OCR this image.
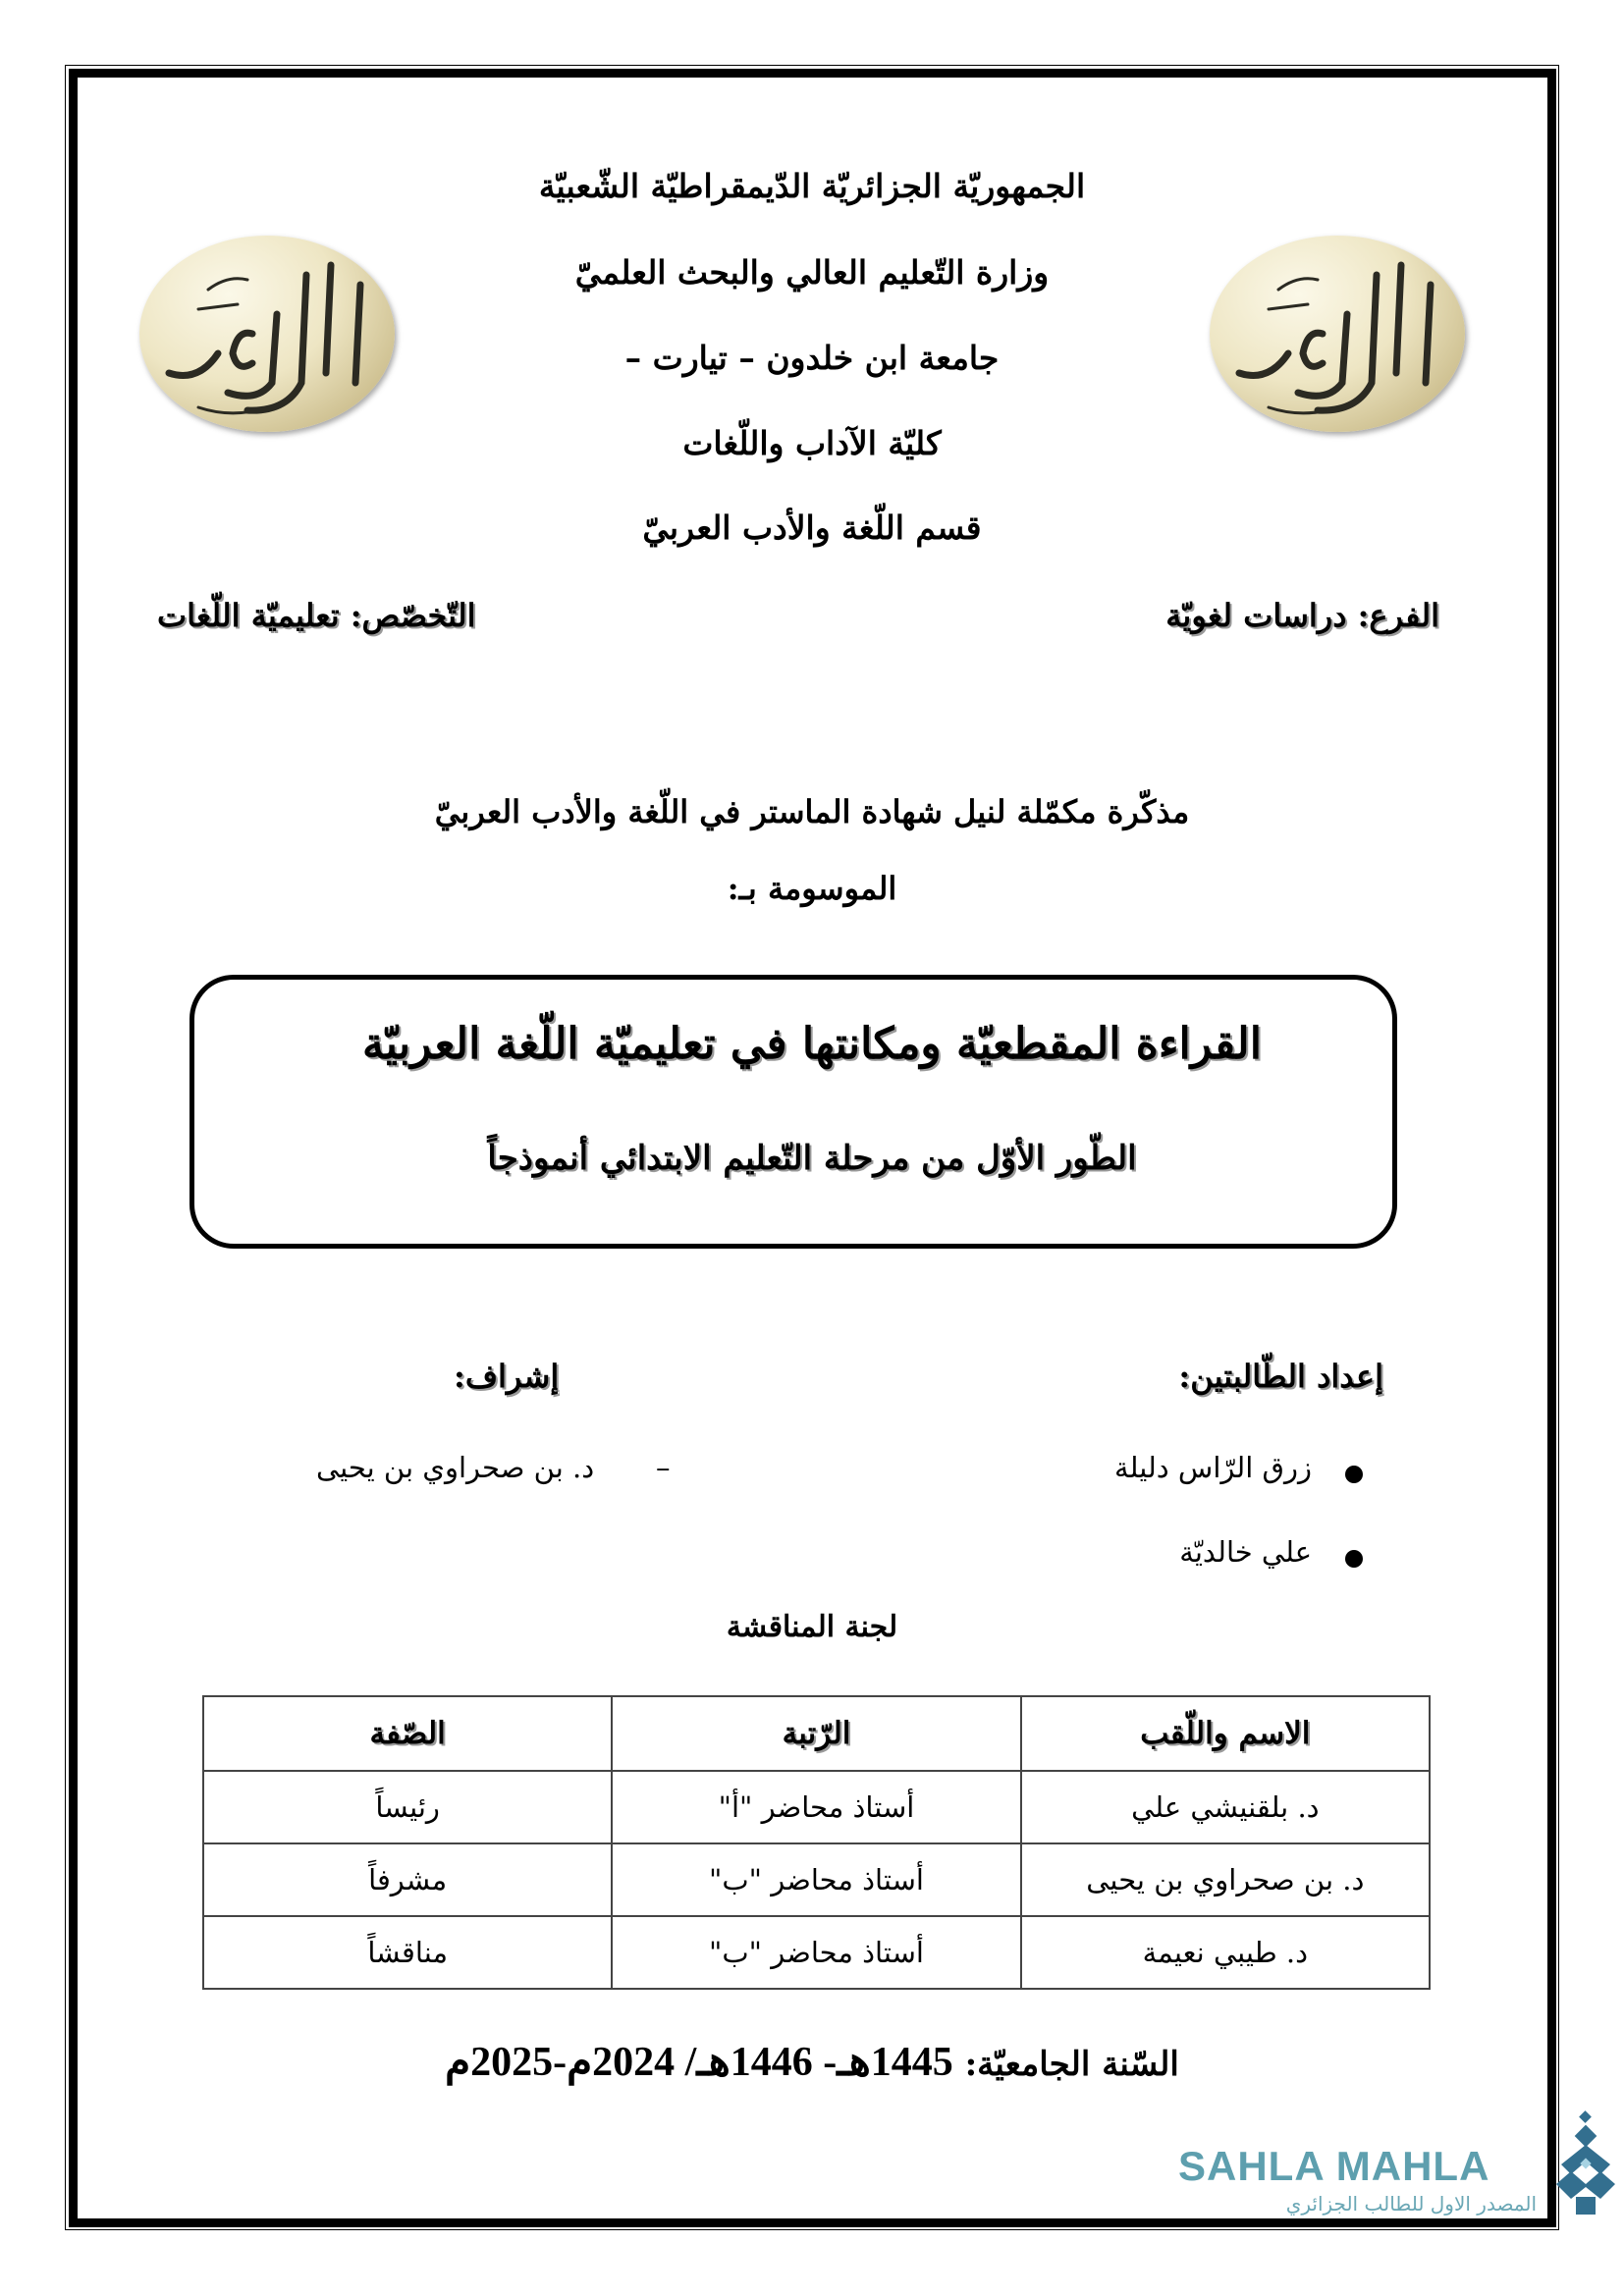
الجمهوريّة الجزائريّة الدّيمقراطيّة الشّعبيّة
وزارة التّعليم العالي والبحث العلميّ
جامعة ابن خلدون – تيارت –
كليّة الآداب واللّغات
قسم اللّغة والأدب العربيّ
الفرع: دراسات لغويّة
التّخصّص: تعليميّة اللّغات
مذكّرة مكمّلة لنيل شهادة الماستر في اللّغة والأدب العربيّ
الموسومة بـ:
القراءة المقطعيّة ومكانتها في تعليميّة اللّغة العربيّة
الطّور الأوّل من مرحلة التّعليم الابتدائي أنموذجاً
إعداد الطّالبتين:
زرق الرّاس دليلة
علي خالديّة
إشراف:
–
د. بن صحراوي بن يحيى
لجنة المناقشة
الاسم واللّقب	الرّتبة	الصّفة
د. بلقنيشي علي	أستاذ محاضر "أ"	رئيساً
د. بن صحراوي بن يحيى	أستاذ محاضر "ب"	مشرفاً
د. طيبي نعيمة	أستاذ محاضر "ب"	مناقشاً
السّنة الجامعيّة: 1445هـ- 1446هـ/ 2024م-2025م
SAHLA MAHLA
المصدر الاول للطالب الجزائري
